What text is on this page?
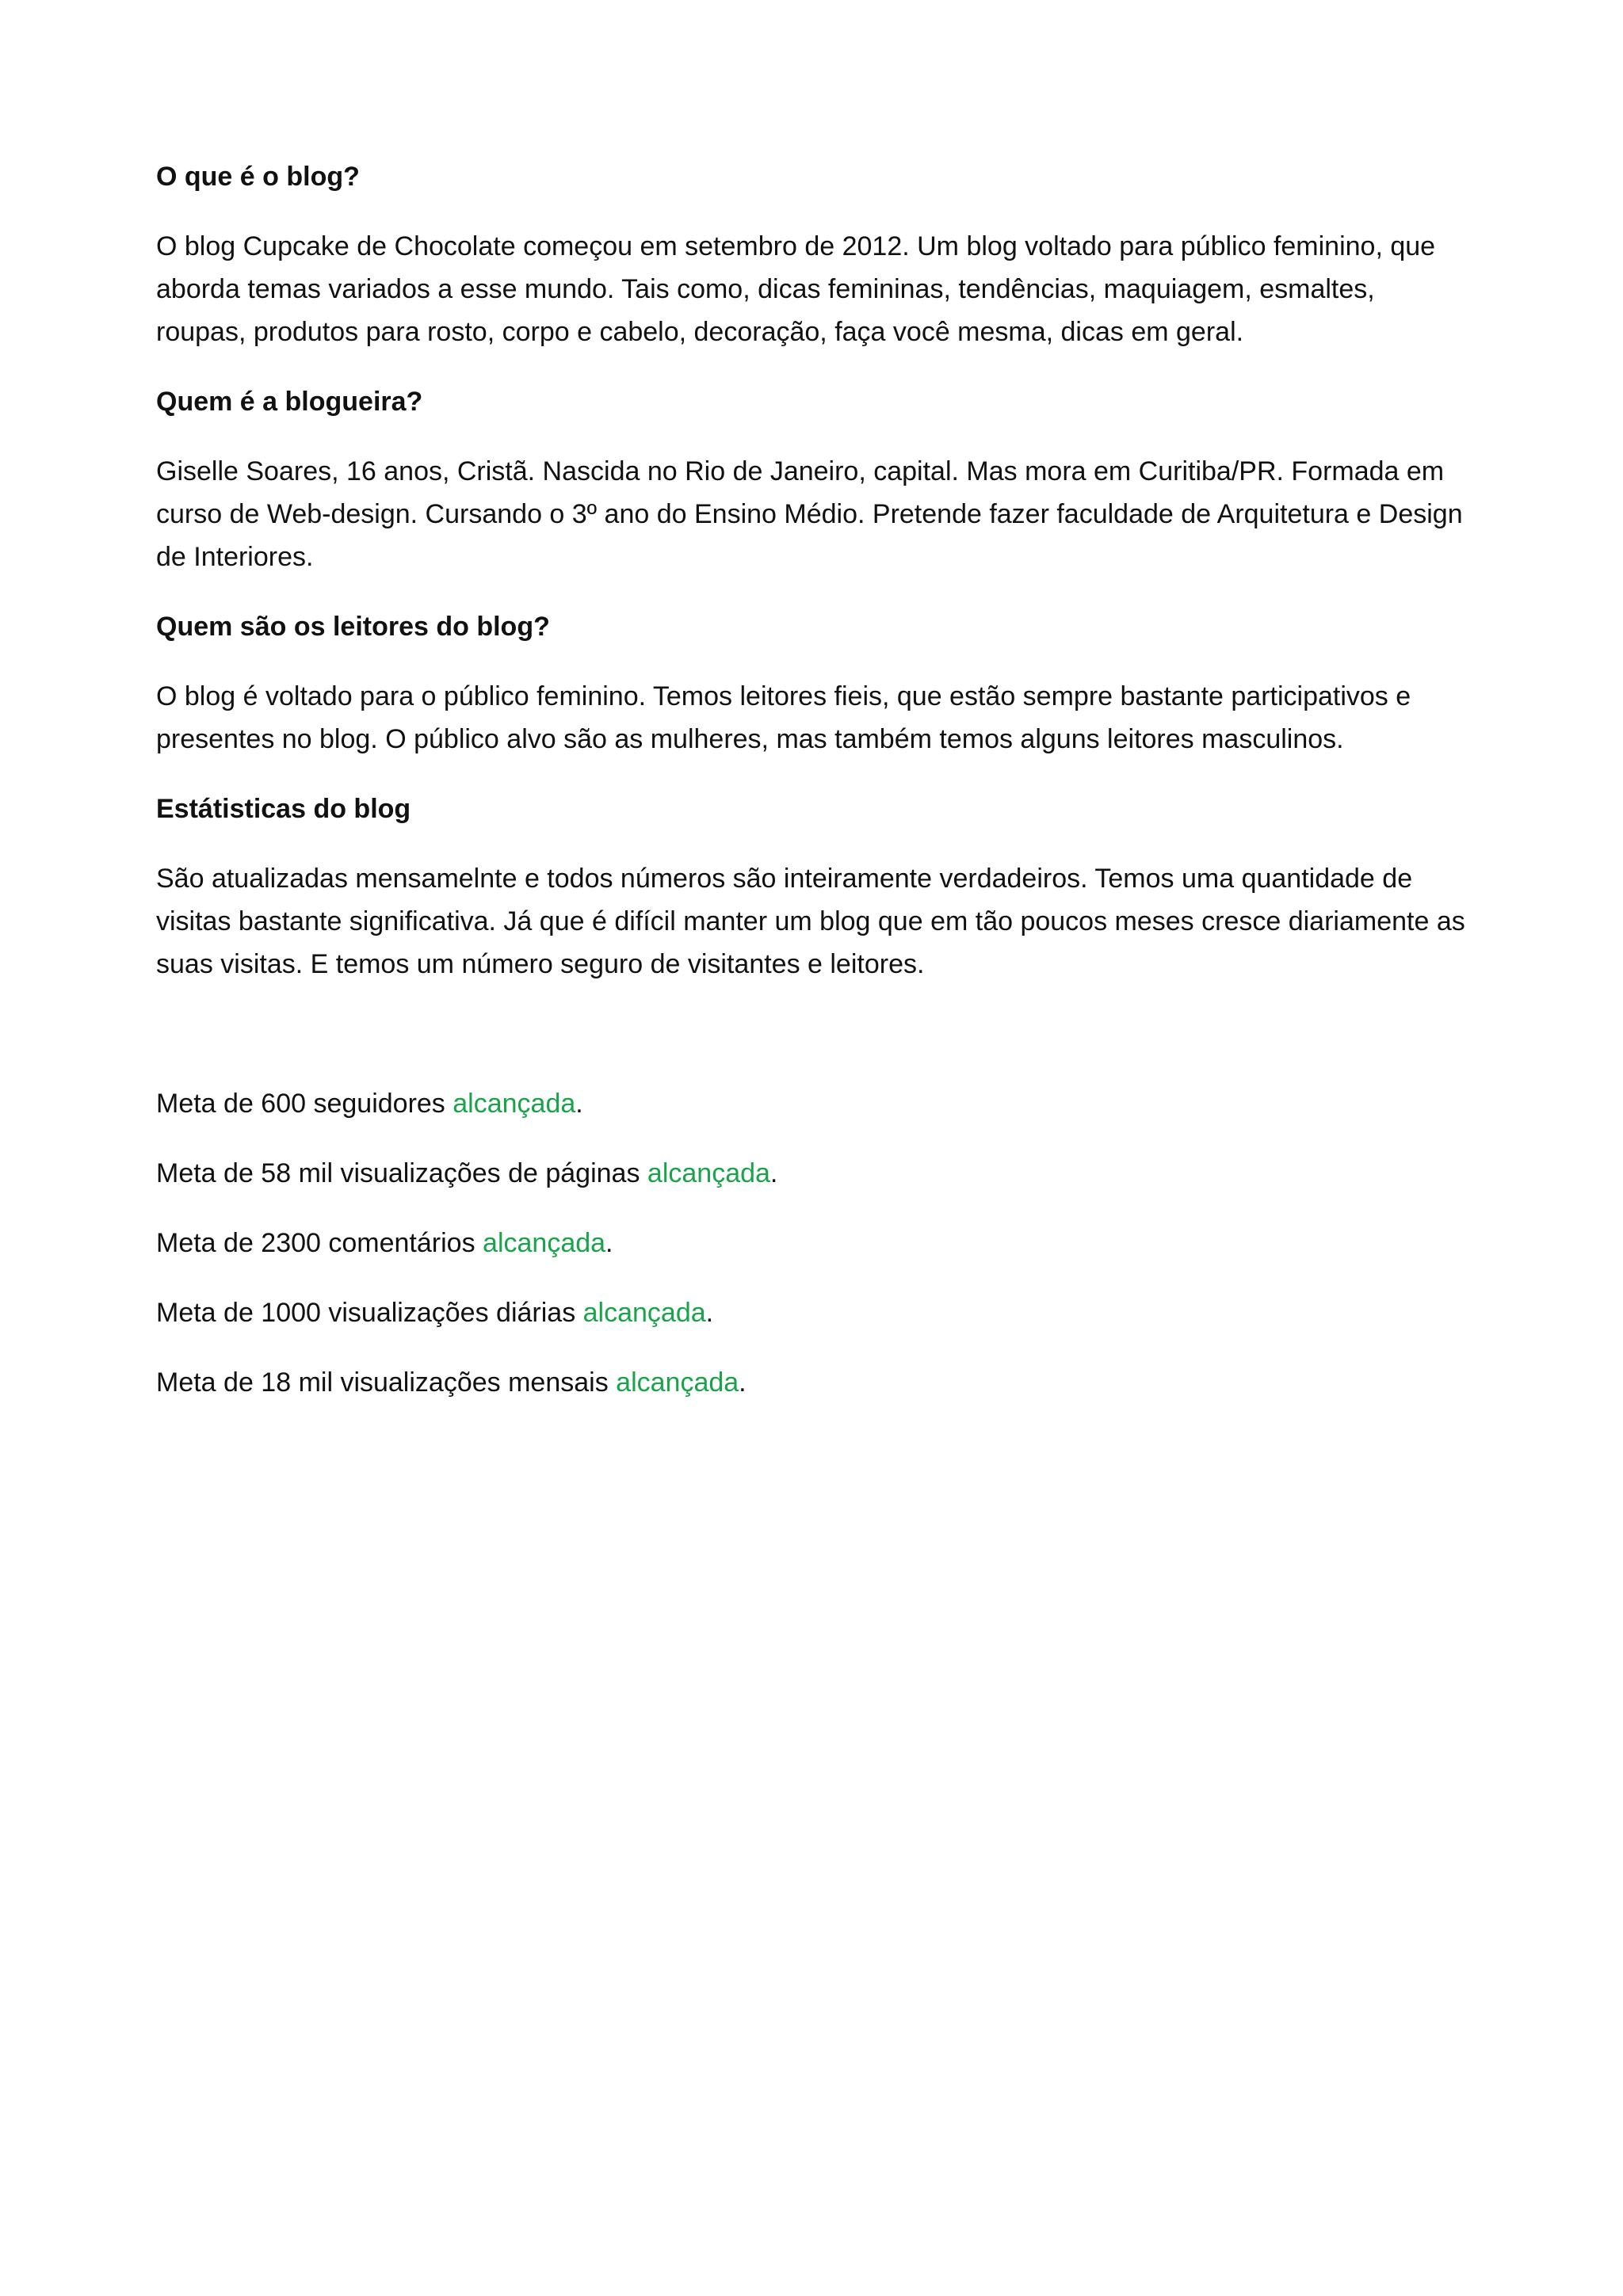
O que é o blog?
O blog Cupcake de Chocolate começou em setembro de 2012. Um blog voltado para público feminino, que aborda temas variados a esse mundo. Tais como, dicas femininas, tendências, maquiagem, esmaltes, roupas, produtos para rosto, corpo e cabelo, decoração, faça você mesma, dicas em geral.
Quem é a blogueira?
Giselle Soares, 16 anos, Cristã. Nascida no Rio de Janeiro, capital. Mas mora em Curitiba/PR. Formada em curso de Web-design. Cursando o 3º ano do Ensino Médio. Pretende fazer faculdade de Arquitetura e Design de Interiores.
Quem são os leitores do blog?
O blog é voltado para o público feminino. Temos leitores fieis, que estão sempre bastante participativos e presentes no blog. O público alvo são as mulheres, mas também temos alguns leitores masculinos.
Estátisticas do blog
São atualizadas mensamelnte e todos números são inteiramente verdadeiros. Temos uma quantidade de visitas bastante significativa. Já que é difícil manter um blog que em tão poucos meses cresce diariamente as suas visitas. E temos um número seguro de visitantes e leitores.
Meta de 600 seguidores alcançada.
Meta de 58 mil visualizações de páginas alcançada.
Meta de 2300 comentários alcançada.
Meta de 1000 visualizações diárias alcançada.
Meta de 18 mil visualizações mensais alcançada.
